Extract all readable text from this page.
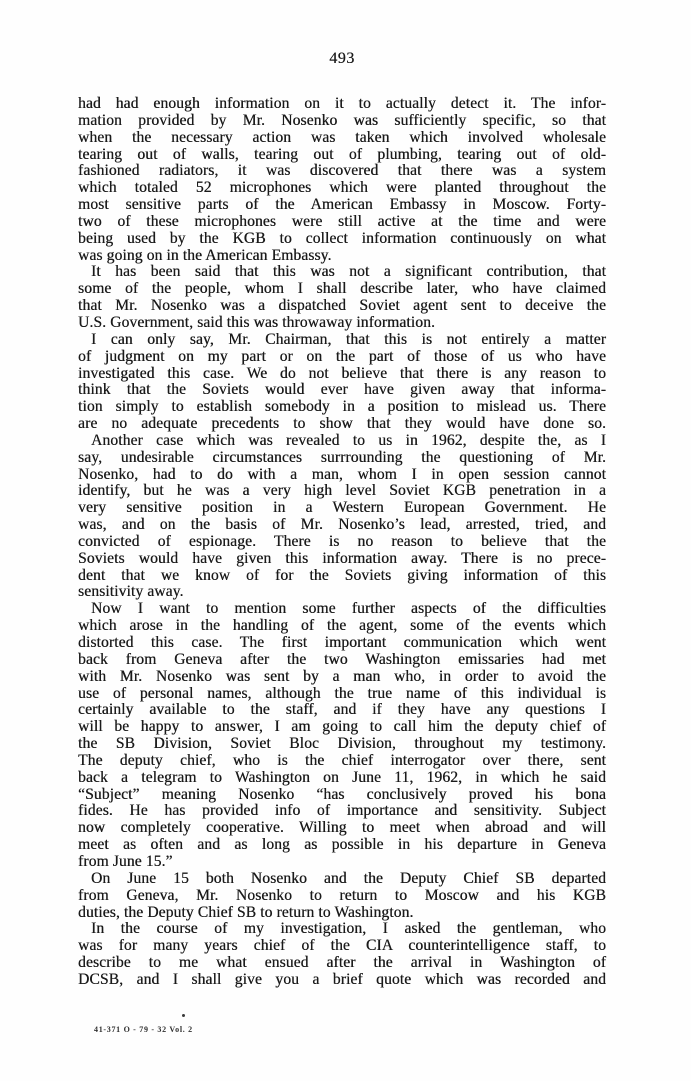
493
had had enough information on it to actually detect it. The infor-
mation provided by Mr. Nosenko was sufficiently specific, so that
when the necessary action was taken which involved wholesale
tearing out of walls, tearing out of plumbing, tearing out of old-
fashioned radiators, it was discovered that there was a system
which totaled 52 microphones which were planted throughout the
most sensitive parts of the American Embassy in Moscow. Forty-
two of these microphones were still active at the time and were
being used by the KGB to collect information continuously on what
was going on in the American Embassy.
It has been said that this was not a significant contribution, that
some of the people, whom I shall describe later, who have claimed
that Mr. Nosenko was a dispatched Soviet agent sent to deceive the
U.S. Government, said this was throwaway information.
I can only say, Mr. Chairman, that this is not entirely a matter
of judgment on my part or on the part of those of us who have
investigated this case. We do not believe that there is any reason to
think that the Soviets would ever have given away that informa-
tion simply to establish somebody in a position to mislead us. There
are no adequate precedents to show that they would have done so.
Another case which was revealed to us in 1962, despite the, as I
say, undesirable circumstances surrrounding the questioning of Mr.
Nosenko, had to do with a man, whom I in open session cannot
identify, but he was a very high level Soviet KGB penetration in a
very sensitive position in a Western European Government. He
was, and on the basis of Mr. Nosenko’s lead, arrested, tried, and
convicted of espionage. There is no reason to believe that the
Soviets would have given this information away. There is no prece-
dent that we know of for the Soviets giving information of this
sensitivity away.
Now I want to mention some further aspects of the difficulties
which arose in the handling of the agent, some of the events which
distorted this case. The first important communication which went
back from Geneva after the two Washington emissaries had met
with Mr. Nosenko was sent by a man who, in order to avoid the
use of personal names, although the true name of this individual is
certainly available to the staff, and if they have any questions I
will be happy to answer, I am going to call him the deputy chief of
the SB Division, Soviet Bloc Division, throughout my testimony.
The deputy chief, who is the chief interrogator over there, sent
back a telegram to Washington on June 11, 1962, in which he said
“Subject” meaning Nosenko “has conclusively proved his bona
fides. He has provided info of importance and sensitivity. Subject
now completely cooperative. Willing to meet when abroad and will
meet as often and as long as possible in his departure in Geneva
from June 15.”
On June 15 both Nosenko and the Deputy Chief SB departed
from Geneva, Mr. Nosenko to return to Moscow and his KGB
duties, the Deputy Chief SB to return to Washington.
In the course of my investigation, I asked the gentleman, who
was for many years chief of the CIA counterintelligence staff, to
describe to me what ensued after the arrival in Washington of
DCSB, and I shall give you a brief quote which was recorded and
41-371 O - 79 - 32 Vol. 2
